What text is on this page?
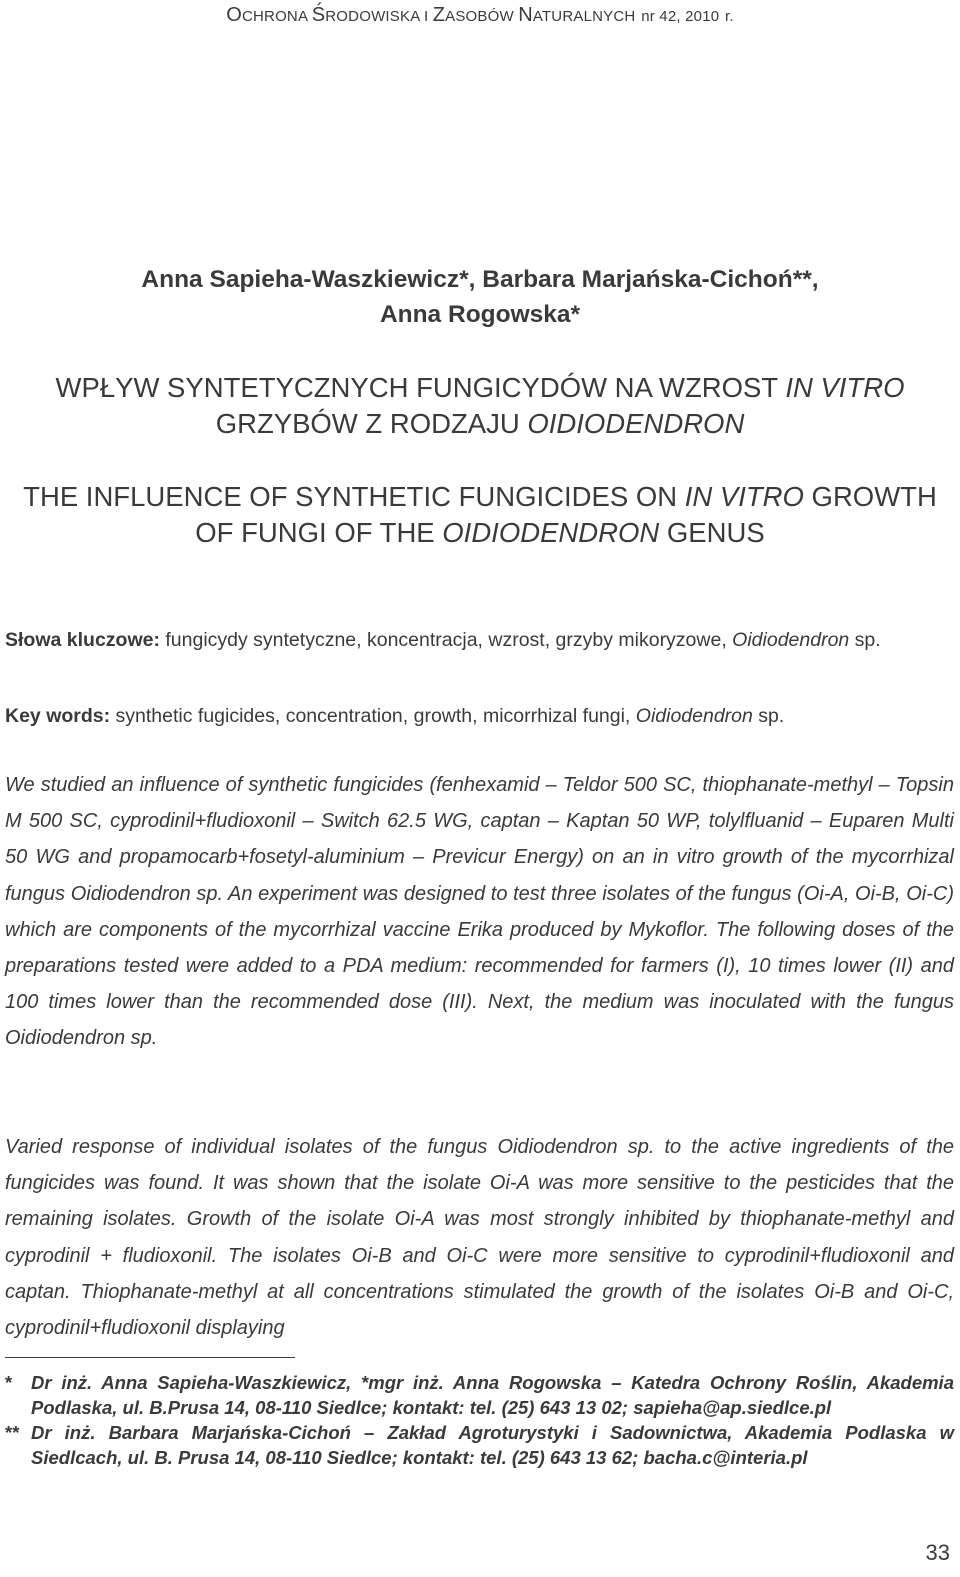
OCHRONA ŚRODOWISKA I ZASOBÓW NATURALNYCH nr 42, 2010 r.
Anna Sapieha-Waszkiewicz*, Barbara Marjańska-Cichoń**,
Anna Rogowska*
WPŁYW SYNTETYCZNYCH FUNGICYDÓW NA WZROST IN VITRO
GRZYBÓW Z RODZAJU OIDIODENDRON
THE INFLUENCE OF SYNTHETIC FUNGICIDES ON IN VITRO GROWTH
OF FUNGI OF THE OIDIODENDRON GENUS
Słowa kluczowe: fungicydy syntetyczne, koncentracja, wzrost, grzyby mikoryzowe, Oidiodendron sp.
Key words: synthetic fugicides, concentration, growth, micorrhizal fungi, Oidiodendron sp.
We studied an influence of synthetic fungicides (fenhexamid – Teldor 500 SC, thiophanate-methyl – Topsin M 500 SC, cyprodinil+fludioxonil – Switch 62.5 WG, captan – Kaptan 50 WP, tolylfluanid – Euparen Multi 50 WG and propamocarb+fosetyl-aluminium – Previcur Energy) on an in vitro growth of the mycorrhizal fungus Oidiodendron sp. An experiment was designed to test three isolates of the fungus (Oi-A, Oi-B, Oi-C) which are components of the mycorrhizal vaccine Erika produced by Mykoflor. The following doses of the preparations tested were added to a PDA medium: recommended for farmers (I), 10 times lower (II) and 100 times lower than the recommended dose (III). Next, the medium was inoculated with the fungus Oidiodendron sp.
Varied response of individual isolates of the fungus Oidiodendron sp. to the active ingredients of the fungicides was found. It was shown that the isolate Oi-A was more sensitive to the pesticides that the remaining isolates. Growth of the isolate Oi-A was most strongly inhibited by thiophanate-methyl and cyprodinil + fludioxonil. The isolates Oi-B and Oi-C were more sensitive to cyprodinil+fludioxonil and captan. Thiophanate-methyl at all concentrations stimulated the growth of the isolates Oi-B and Oi-C, cyprodinil+fludioxonil displaying
*	Dr inż. Anna Sapieha-Waszkiewicz, *mgr inż. Anna Rogowska – Katedra Ochrony Roślin, Akademia Podlaska, ul. B.Prusa 14, 08-110 Siedlce; kontakt: tel. (25) 643 13 02; sapieha@ap.siedlce.pl
** Dr inż. Barbara Marjańska-Cichoń – Zakład Agroturystyki i Sadownictwa, Akademia Podlaska w Siedlcach, ul. B. Prusa 14, 08-110 Siedlce; kontakt: tel. (25) 643 13 62; bacha.c@interia.pl
33
